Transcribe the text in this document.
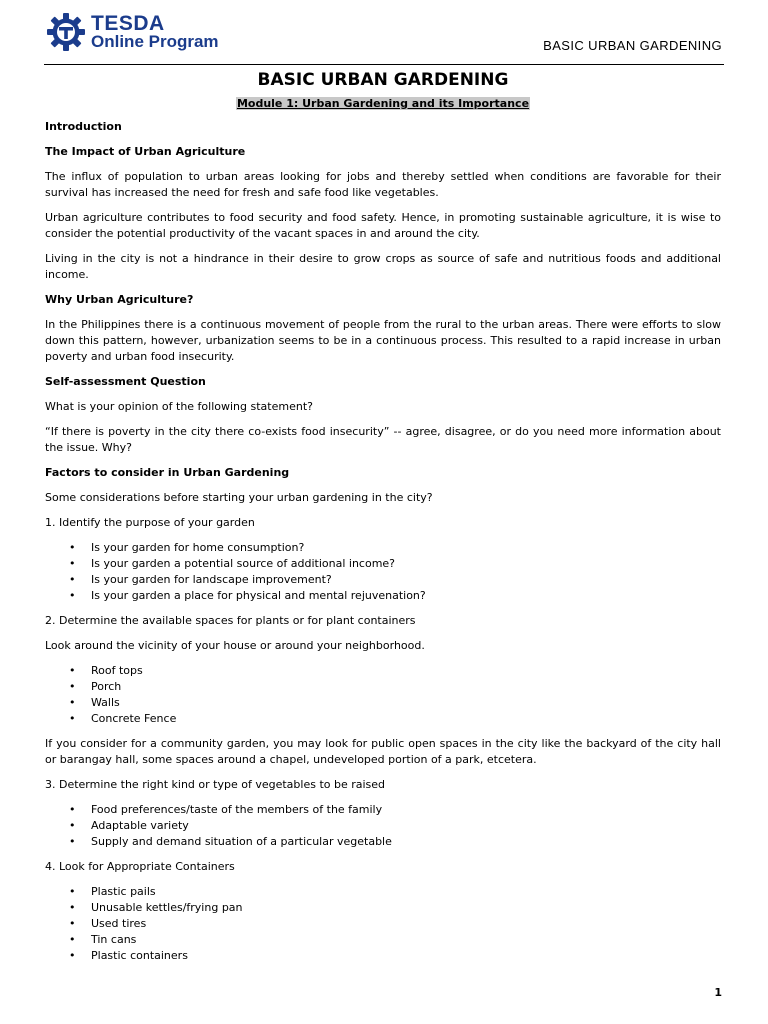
TESDA
Online Program	BASIC URBAN GARDENING
BASIC URBAN GARDENING
Module 1: Urban Gardening and its Importance

Introduction

The Impact of Urban Agriculture

The influx of population to urban areas looking for jobs and thereby settled when conditions are favorable for their survival has increased the need for fresh and safe food like vegetables.

Urban agriculture contributes to food security and food safety. Hence, in promoting sustainable agriculture, it is wise to consider the potential productivity of the vacant spaces in and around the city.

Living in the city is not a hindrance in their desire to grow crops as source of safe and nutritious foods and additional income.

Why Urban Agriculture?

In the Philippines there is a continuous movement of people from the rural to the urban areas. There were efforts to slow down this pattern, however, urbanization seems to be in a continuous process. This resulted to a rapid increase in urban poverty and urban food insecurity.

Self-assessment Question

What is your opinion of the following statement?

“If there is poverty in the city there co-exists food insecurity” -- agree, disagree, or do you need more information about the issue. Why?

Factors to consider in Urban Gardening

Some considerations before starting your urban gardening in the city?

1. Identify the purpose of your garden

• Is your garden for home consumption?
• Is your garden a potential source of additional income?
• Is your garden for landscape improvement?
• Is your garden a place for physical and mental rejuvenation?

2. Determine the available spaces for plants or for plant containers

Look around the vicinity of your house or around your neighborhood.

• Roof tops
• Porch
• Walls
• Concrete Fence

If you consider for a community garden, you may look for public open spaces in the city like the backyard of the city hall or barangay hall, some spaces around a chapel, undeveloped portion of a park, etcetera.

3. Determine the right kind or type of vegetables to be raised

• Food preferences/taste of the members of the family
• Adaptable variety
• Supply and demand situation of a particular vegetable

4. Look for Appropriate Containers

• Plastic pails
• Unusable kettles/frying pan
• Used tires
• Tin cans
• Plastic containers
1
